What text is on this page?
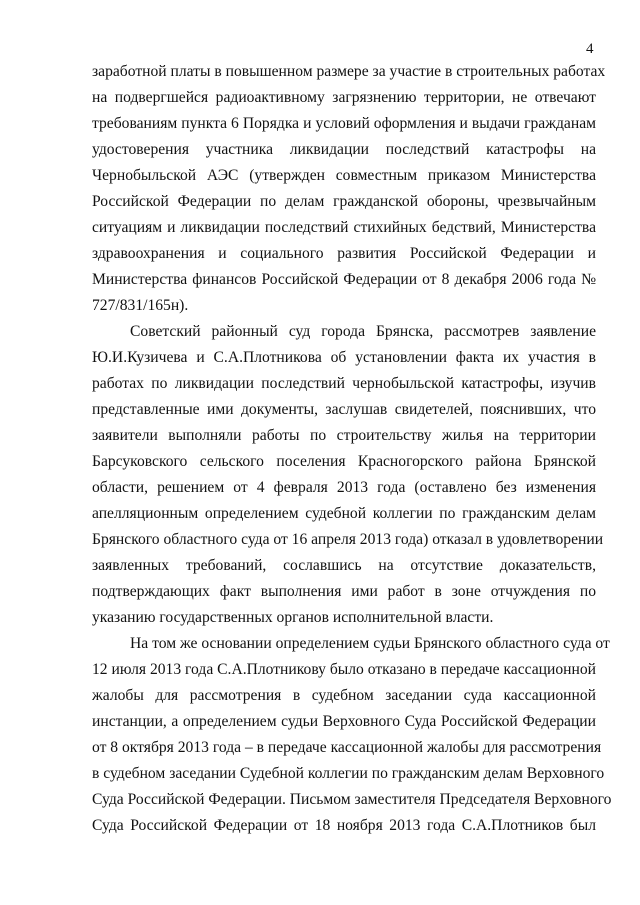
4

заработной платы в повышенном размере за участие в строительных работах
на подвергшейся радиоактивному загрязнению территории, не отвечают
требованиям пункта 6 Порядка и условий оформления и выдачи гражданам
удостоверения участника ликвидации последствий катастрофы на
Чернобыльской АЭС (утвержден совместным приказом Министерства
Российской Федерации по делам гражданской обороны, чрезвычайным
ситуациям и ликвидации последствий стихийных бедствий, Министерства
здравоохранения и социального развития Российской Федерации и
Министерства финансов Российской Федерации от 8 декабря 2006 года №
727/831/165н).

Советский районный суд города Брянска, рассмотрев заявление
Ю.И.Кузичева и С.А.Плотникова об установлении факта их участия в
работах по ликвидации последствий чернобыльской катастрофы, изучив
представленные ими документы, заслушав свидетелей, пояснивших, что
заявители выполняли работы по строительству жилья на территории
Барсуковского сельского поселения Красногорского района Брянской
области, решением от 4 февраля 2013 года (оставлено без изменения
апелляционным определением судебной коллегии по гражданским делам
Брянского областного суда от 16 апреля 2013 года) отказал в удовлетворении
заявленных требований, сославшись на отсутствие доказательств,
подтверждающих факт выполнения ими работ в зоне отчуждения по
указанию государственных органов исполнительной власти.

На том же основании определением судьи Брянского областного суда от
12 июля 2013 года С.А.Плотникову было отказано в передаче кассационной
жалобы для рассмотрения в судебном заседании суда кассационной
инстанции, а определением судьи Верховного Суда Российской Федерации
от 8 октября 2013 года – в передаче кассационной жалобы для рассмотрения
в судебном заседании Судебной коллегии по гражданским делам Верховного
Суда Российской Федерации. Письмом заместителя Председателя Верховного
Суда Российской Федерации от 18 ноября 2013 года С.А.Плотников был
